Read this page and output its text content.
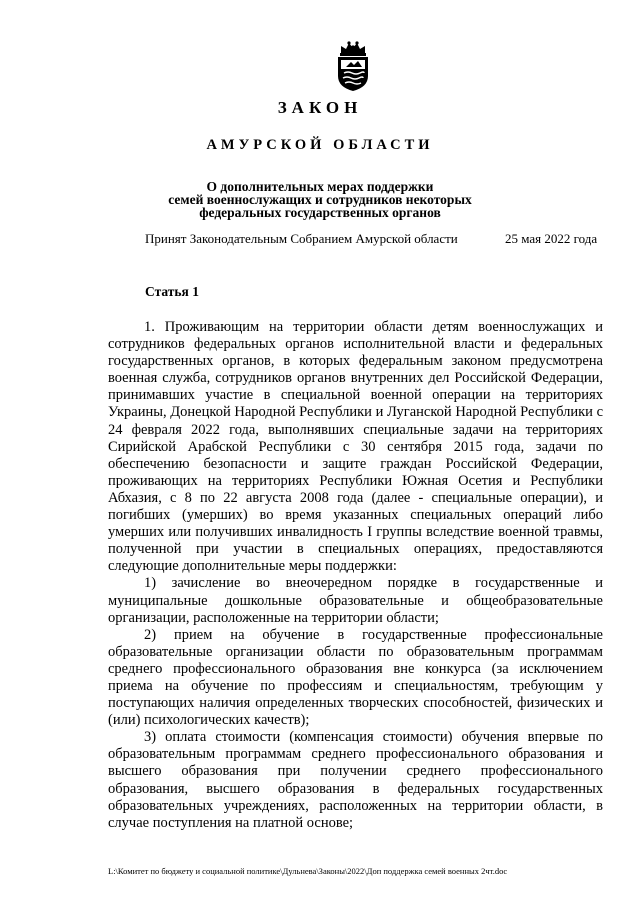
ЗАКОН
АМУРСКОЙ ОБЛАСТИ
О дополнительных мерах поддержки
семей военнослужащих и сотрудников некоторых
федеральных государственных органов
Принят Законодательным Собранием Амурской области	25 мая 2022 года
Статья 1

1. Проживающим на территории области детям военнослужащих и сотрудников федеральных органов исполнительной власти и федеральных государственных органов, в которых федеральным законом предусмотрена военная служба, сотрудников органов внутренних дел Российской Федерации, принимавших участие в специальной военной операции на территориях Украины, Донецкой Народной Республики и Луганской Народной Республики с 24 февраля 2022 года, выполнявших специальные задачи на территориях Сирийской Арабской Республики с 30 сентября 2015 года, задачи по обеспечению безопасности и защите граждан Российской Федерации, проживающих на территориях Республики Южная Осетия и Республики Абхазия, с 8 по 22 августа 2008 года (далее - специальные операции), и погибших (умерших) во время указанных специальных операций либо умерших или получивших инвалидность I группы вследствие военной травмы, полученной при участии в специальных операциях, предоставляются следующие дополнительные меры поддержки:

1) зачисление во внеочередном порядке в государственные и муниципальные дошкольные образовательные и общеобразовательные организации, расположенные на территории области;

2) прием на обучение в государственные профессиональные образовательные организации области по образовательным программам среднего профессионального образования вне конкурса (за исключением приема на обучение по профессиям и специальностям, требующим у поступающих наличия определенных творческих способностей, физических и (или) психологических качеств);

3) оплата стоимости (компенсация стоимости) обучения впервые по образовательным программам среднего профессионального образования и высшего образования при получении среднего профессионального образования, высшего образования в федеральных государственных образовательных учреждениях, расположенных на территории области, в случае поступления на платной основе;

L:\Комитет по бюджету и социальной политике\Дульнева\Законы\2022\Доп поддержка семей военных 2чт.doc
